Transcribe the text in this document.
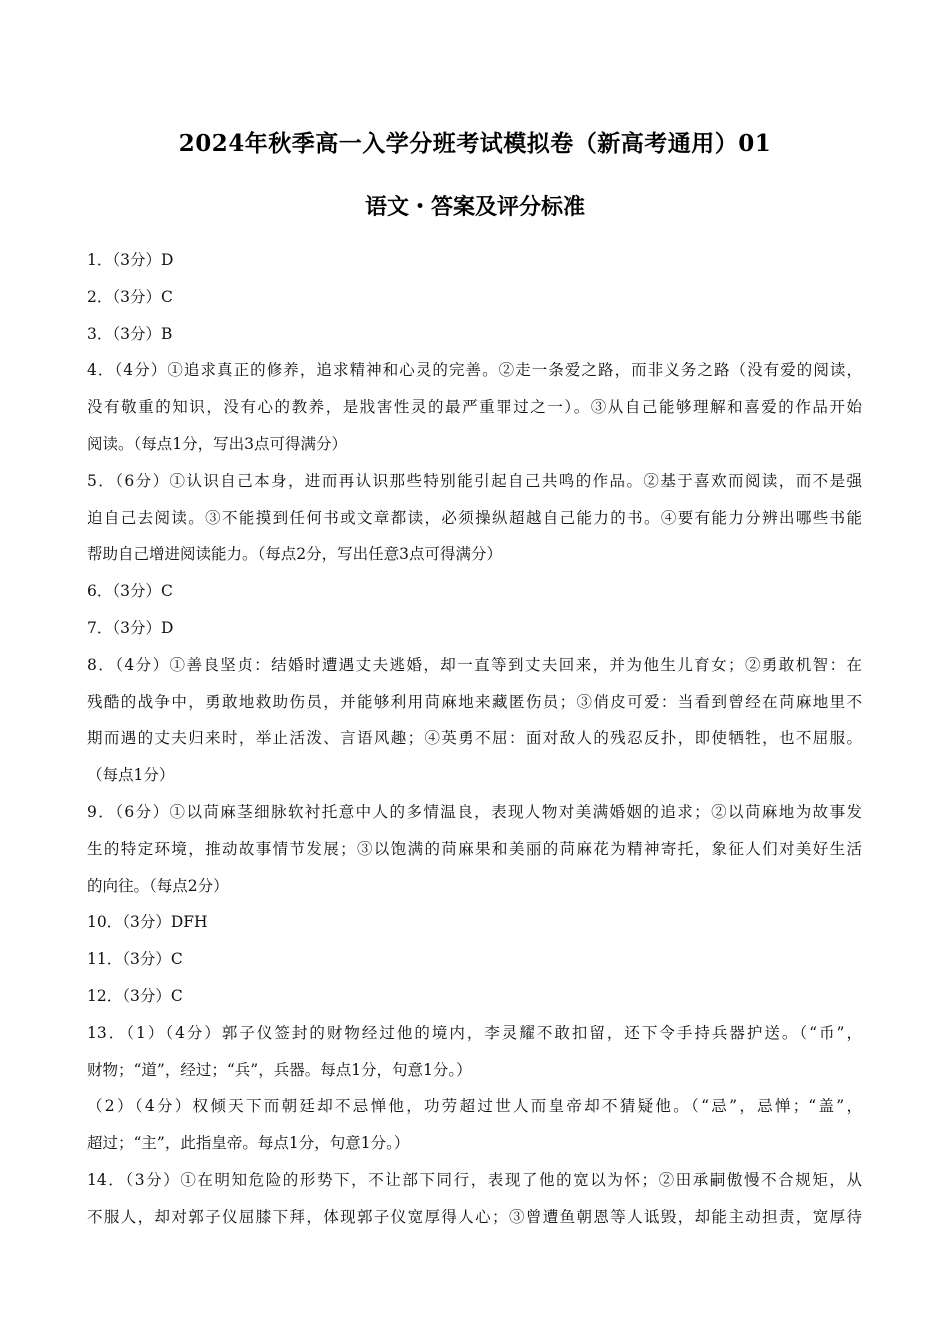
2024年秋季高一入学分班考试模拟卷（新高考通用）01
语文・答案及评分标准
1．（3分）D
2．（3分）C
3．（3分）B
4．（4分）①追求真正的修养，追求精神和心灵的完善。②走一条爱之路，而非义务之路（没有爱的阅读，
没有敬重的知识，没有心的教养，是戕害性灵的最严重罪过之一）。③从自己能够理解和喜爱的作品开始
阅读。（每点1分，写出3点可得满分）
5．（6分）①认识自己本身，进而再认识那些特别能引起自己共鸣的作品。②基于喜欢而阅读，而不是强
迫自己去阅读。③不能摸到任何书或文章都读，必须操纵超越自己能力的书。④要有能力分辨出哪些书能
帮助自己增进阅读能力。（每点2分，写出任意3点可得满分）
6．（3分）C
7．（3分）D
8．（4分）①善良坚贞：结婚时遭遇丈夫逃婚，却一直等到丈夫回来，并为他生儿育女；②勇敢机智：在
残酷的战争中，勇敢地救助伤员，并能够利用苘麻地来藏匿伤员；③俏皮可爱：当看到曾经在苘麻地里不
期而遇的丈夫归来时，举止活泼、言语风趣；④英勇不屈：面对敌人的残忍反扑，即使牺牲，也不屈服。
（每点1分）
9．（6分）①以苘麻茎细脉软衬托意中人的多情温良，表现人物对美满婚姻的追求；②以苘麻地为故事发
生的特定环境，推动故事情节发展；③以饱满的苘麻果和美丽的苘麻花为精神寄托，象征人们对美好生活
的向往。（每点2分）
10．（3分）DFH
11．（3分）C
12．（3分）C
13．（1）（4分）郭子仪签封的财物经过他的境内，李灵耀不敢扣留，还下令手持兵器护送。（“币”，
财物；“道”，经过；“兵”，兵器。每点1分，句意1分。）
（2）（4分）权倾天下而朝廷却不忌惮他，功劳超过世人而皇帝却不猜疑他。（“忌”，忌惮；“盖”，
超过；“主”，此指皇帝。每点1分，句意1分。）
14．（3分）①在明知危险的形势下，不让部下同行，表现了他的宽以为怀；②田承嗣傲慢不合规矩，从
不服人，却对郭子仪屈膝下拜，体现郭子仪宽厚得人心；③曾遭鱼朝恩等人诋毁，却能主动担责，宽厚待
